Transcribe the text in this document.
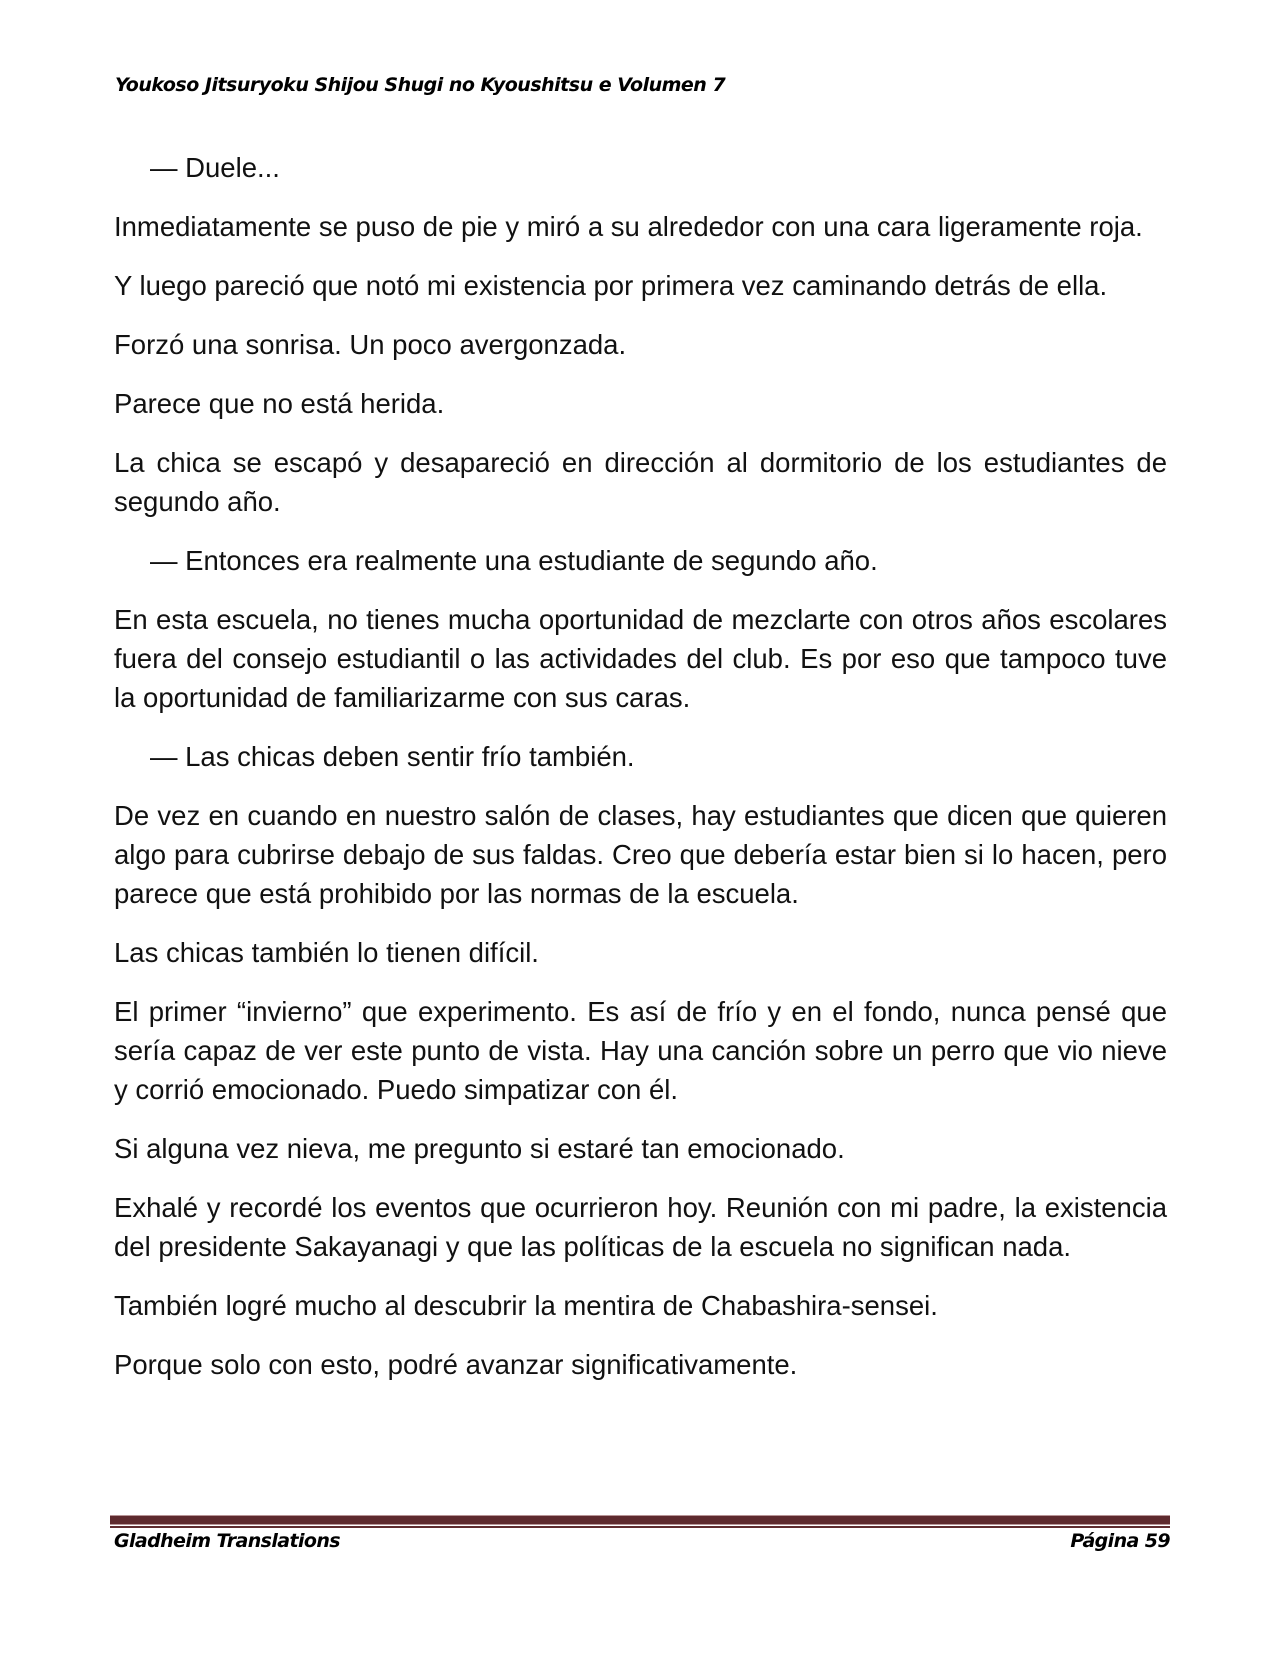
Youkoso Jitsuryoku Shijou Shugi no Kyoushitsu e Volumen 7

— Duele...

Inmediatamente se puso de pie y miró a su alrededor con una cara ligeramente roja.

Y luego pareció que notó mi existencia por primera vez caminando detrás de ella.

Forzó una sonrisa. Un poco avergonzada.

Parece que no está herida.

La chica se escapó y desapareció en dirección al dormitorio de los estudiantes de segundo año.

— Entonces era realmente una estudiante de segundo año.

En esta escuela, no tienes mucha oportunidad de mezclarte con otros años escolares fuera del consejo estudiantil o las actividades del club. Es por eso que tampoco tuve la oportunidad de familiarizarme con sus caras.

— Las chicas deben sentir frío también.

De vez en cuando en nuestro salón de clases, hay estudiantes que dicen que quieren algo para cubrirse debajo de sus faldas. Creo que debería estar bien si lo hacen, pero parece que está prohibido por las normas de la escuela.

Las chicas también lo tienen difícil.

El primer “invierno” que experimento. Es así de frío y en el fondo, nunca pensé que sería capaz de ver este punto de vista. Hay una canción sobre un perro que vio nieve y corrió emocionado. Puedo simpatizar con él.

Si alguna vez nieva, me pregunto si estaré tan emocionado.

Exhalé y recordé los eventos que ocurrieron hoy. Reunión con mi padre, la existencia del presidente Sakayanagi y que las políticas de la escuela no significan nada.

También logré mucho al descubrir la mentira de Chabashira-sensei.

Porque solo con esto, podré avanzar significativamente.

Gladheim Translations	Página 59
